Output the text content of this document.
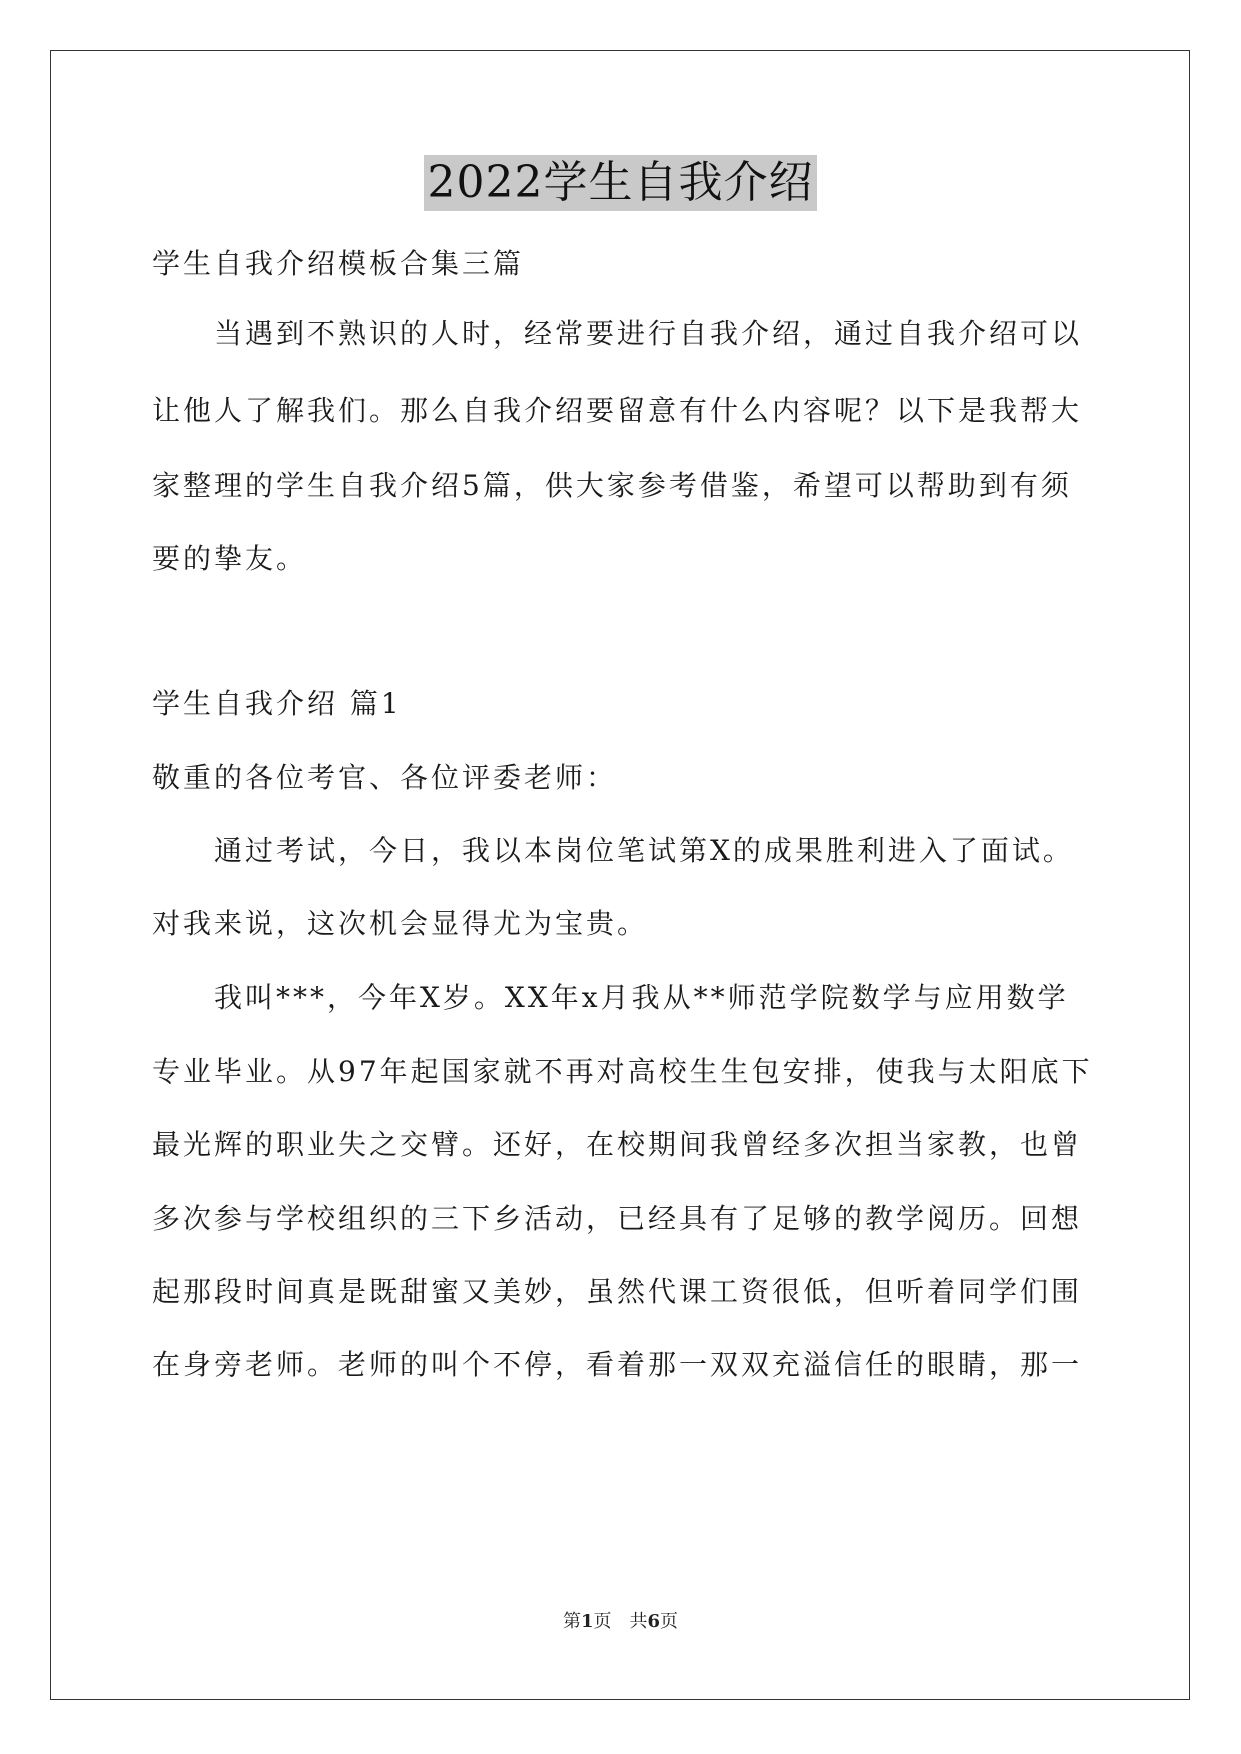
2022学生自我介绍
学生自我介绍模板合集三篇
当遇到不熟识的人时，经常要进行自我介绍，通过自我介绍可以
让他人了解我们。那么自我介绍要留意有什么内容呢？以下是我帮大
家整理的学生自我介绍5篇，供大家参考借鉴，希望可以帮助到有须
要的挚友。
学生自我介绍 篇1
敬重的各位考官、各位评委老师：
通过考试，今日，我以本岗位笔试第X的成果胜利进入了面试。
对我来说，这次机会显得尤为宝贵。
我叫***，今年X岁。XX年x月我从**师范学院数学与应用数学
专业毕业。从97年起国家就不再对高校生生包安排，使我与太阳底下
最光辉的职业失之交臂。还好，在校期间我曾经多次担当家教，也曾
多次参与学校组织的三下乡活动，已经具有了足够的教学阅历。回想
起那段时间真是既甜蜜又美妙，虽然代课工资很低，但听着同学们围
在身旁老师。老师的叫个不停，看着那一双双充溢信任的眼睛，那一
第1页 共6页
